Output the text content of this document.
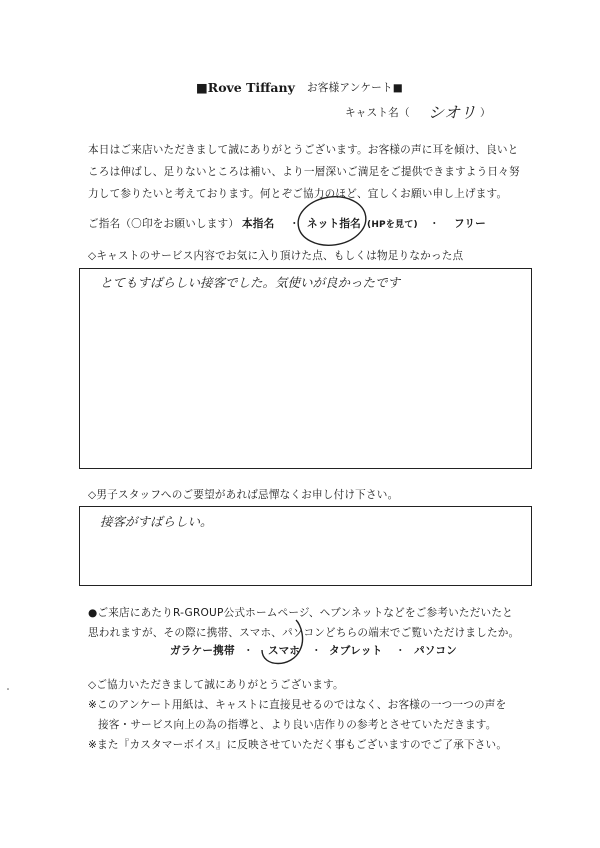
■Rove Tiffany お客様アンケート■
キャスト名（ シオリ ）
本日はご来店いただきまして誠にありがとうございます。お客様の声に耳を傾け、良いと
ころは伸ばし、足りないところは補い、より一層深いご満足をご提供できますよう日々努
力して参りたいと考えております。何とぞご協力のほど、宜しくお願い申し上げます。
ご指名（〇印をお願いします） 本指名 ・ ネット指名 (HPを見て) ・ フリー
◇キャストのサービス内容でお気に入り頂けた点、もしくは物足りなかった点
とてもすばらしい接客でした。気使いが良かったです
◇男子スタッフへのご要望があれば忌憚なくお申し付け下さい。
接客がすばらしい。
●ご来店にあたりR-GROUP公式ホームページ、ヘブンネットなどをご参考いただいたと
思われますが、その際に携帯、スマホ、パソコンどちらの端末でご覧いただけましたか。
ガラケー携帯 ・ スマホ ・ タブレット ・ パソコン
◇ご協力いただきまして誠にありがとうございます。
※このアンケート用紙は、キャストに直接見せるのではなく、お客様の一つ一つの声を
接客・サービス向上の為の指導と、より良い店作りの参考とさせていただきます。
※また『カスタマーボイス』に反映させていただく事もございますのでご了承下さい。
